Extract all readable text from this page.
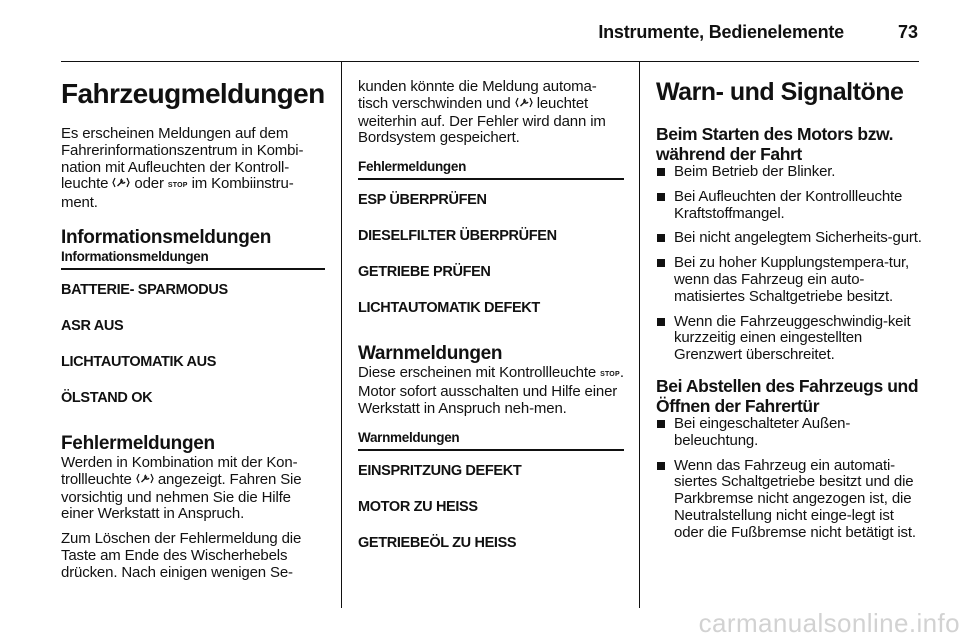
Instrumente, Bedienelemente	73
Fahrzeugmeldungen

Es erscheinen Meldungen auf dem Fahrerinformationszentrum in Kombi-nation mit Aufleuchten der Kontroll-leuchte oder STOP im Kombiinstru-ment.

Informationsmeldungen
Informationsmeldungen
BATTERIE- SPARMODUS
ASR AUS
LICHTAUTOMATIK AUS
ÖLSTAND OK
Fehlermeldungen

Werden in Kombination mit der Kon-trollleuchte angezeigt. Fahren Sie vorsichtig und nehmen Sie die Hilfe einer Werkstatt in Anspruch.

Zum Löschen der Fehlermeldung die Taste am Ende des Wischerhebels drücken. Nach einigen wenigen Se-

kunden könnte die Meldung automa-tisch verschwinden und leuchtet weiterhin auf. Der Fehler wird dann im Bordsystem gespeichert.

Fehlermeldungen
ESP ÜBERPRÜFEN
DIESELFILTER ÜBERPRÜFEN
GETRIEBE PRÜFEN
LICHTAUTOMATIK DEFEKT
Warnmeldungen

Diese erscheinen mit Kontrollleuchte STOP. Motor sofort ausschalten und Hilfe einer Werkstatt in Anspruch neh-men.

Warnmeldungen
EINSPRITZUNG DEFEKT
MOTOR ZU HEISS
GETRIEBEÖL ZU HEISS
Warn- und Signaltöne
Beim Starten des Motors bzw. während der Fahrt
Beim Betrieb der Blinker.
Bei Aufleuchten der Kontrollleuchte Kraftstoffmangel.
Bei nicht angelegtem Sicherheits-gurt.
Bei zu hoher Kupplungstempera-tur, wenn das Fahrzeug ein auto-matisiertes Schaltgetriebe besitzt.
Wenn die Fahrzeuggeschwindig-keit kurzzeitig einen eingestellten Grenzwert überschreitet.
Bei Abstellen des Fahrzeugs und Öffnen der Fahrertür
Bei eingeschalteter Außen-beleuchtung.
Wenn das Fahrzeug ein automati-siertes Schaltgetriebe besitzt und die Parkbremse nicht angezogen ist, die Neutralstellung nicht einge-legt ist oder die Fußbremse nicht betätigt ist.
carmanualsonline.info
